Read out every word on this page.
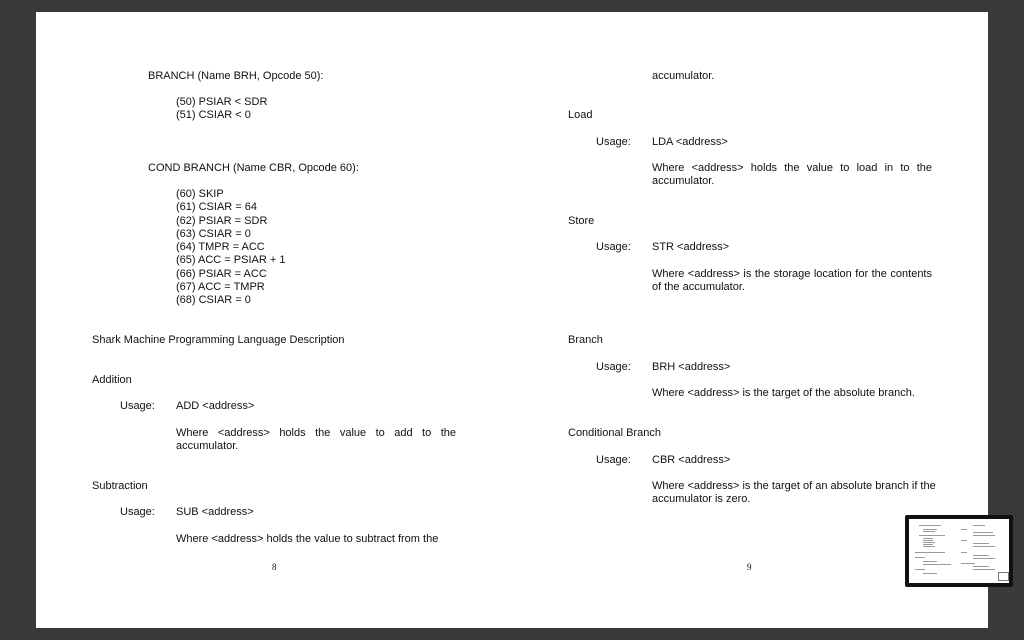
BRANCH (Name BRH, Opcode 50):
(50) PSIAR < SDR
(51) CSIAR < 0
COND BRANCH (Name CBR, Opcode 60):
(60) SKIP
(61) CSIAR = 64
(62) PSIAR = SDR
(63) CSIAR = 0
(64) TMPR = ACC
(65) ACC = PSIAR + 1
(66) PSIAR = ACC
(67) ACC = TMPR
(68) CSIAR = 0
Shark Machine Programming Language Description
Addition
Usage: ADD <address>
Where <address> holds the value to add to the accumulator.
Subtraction
Usage: SUB <address>
Where <address> holds the value to subtract from the
8
accumulator.
Load
Usage: LDA <address>
Where <address> holds the value to load in to the accumulator.
Store
Usage: STR <address>
Where <address> is the storage location for the contents of the accumulator.
Branch
Usage: BRH <address>
Where <address> is the target of the absolute branch.
Conditional Branch
Usage: CBR <address>
Where <address> is the target of an absolute branch if the accumulator is zero.
9
